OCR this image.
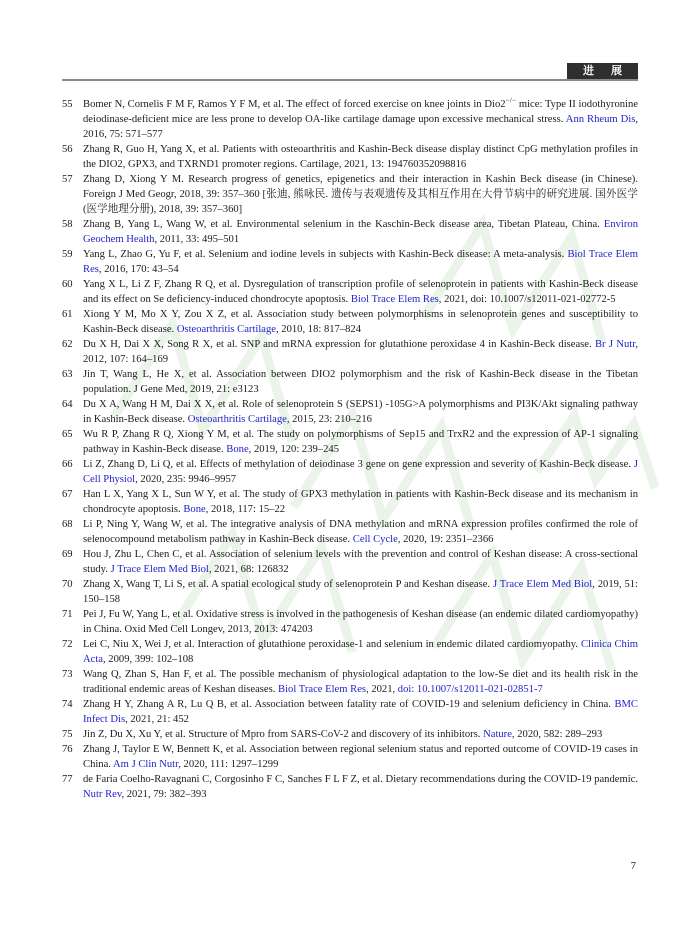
进 展
55 Bomer N, Cornelis F M F, Ramos Y F M, et al. The effect of forced exercise on knee joints in Dio2−/− mice: Type II iodothyronine deiodinase-deficient mice are less prone to develop OA-like cartilage damage upon excessive mechanical stress. Ann Rheum Dis, 2016, 75: 571–577
56 Zhang R, Guo H, Yang X, et al. Patients with osteoarthritis and Kashin-Beck disease display distinct CpG methylation profiles in the DIO2, GPX3, and TXRND1 promoter regions. Cartilage, 2021, 13: 194760352098816
57 Zhang D, Xiong Y M. Research progress of genetics, epigenetics and their interaction in Kashin Beck disease (in Chinese). Foreign J Med Geogr, 2018, 39: 357–360 [张迪, 熊咏民. 遗传与表观遗传及其相互作用在大骨节病中的研究进展. 国外医学(医学地理分册), 2018, 39: 357–360]
58 Zhang B, Yang L, Wang W, et al. Environmental selenium in the Kaschin-Beck disease area, Tibetan Plateau, China. Environ Geochem Health, 2011, 33: 495–501
59 Yang L, Zhao G, Yu F, et al. Selenium and iodine levels in subjects with Kashin-Beck disease: A meta-analysis. Biol Trace Elem Res, 2016, 170: 43–54
60 Yang X L, Li Z F, Zhang R Q, et al. Dysregulation of transcription profile of selenoprotein in patients with Kashin-Beck disease and its effect on Se deficiency-induced chondrocyte apoptosis. Biol Trace Elem Res, 2021, doi: 10.1007/s12011-021-02772-5
61 Xiong Y M, Mo X Y, Zou X Z, et al. Association study between polymorphisms in selenoprotein genes and susceptibility to Kashin-Beck disease. Osteoarthritis Cartilage, 2010, 18: 817–824
62 Du X H, Dai X X, Song R X, et al. SNP and mRNA expression for glutathione peroxidase 4 in Kashin-Beck disease. Br J Nutr, 2012, 107: 164–169
63 Jin T, Wang L, He X, et al. Association between DIO2 polymorphism and the risk of Kashin-Beck disease in the Tibetan population. J Gene Med, 2019, 21: e3123
64 Du X A, Wang H M, Dai X X, et al. Role of selenoprotein S (SEPS1) -105G>A polymorphisms and PI3K/Akt signaling pathway in Kashin-Beck disease. Osteoarthritis Cartilage, 2015, 23: 210–216
65 Wu R P, Zhang R Q, Xiong Y M, et al. The study on polymorphisms of Sep15 and TrxR2 and the expression of AP-1 signaling pathway in Kashin-Beck disease. Bone, 2019, 120: 239–245
66 Li Z, Zhang D, Li Q, et al. Effects of methylation of deiodinase 3 gene on gene expression and severity of Kashin-Beck disease. J Cell Physiol, 2020, 235: 9946–9957
67 Han L X, Yang X L, Sun W Y, et al. The study of GPX3 methylation in patients with Kashin-Beck disease and its mechanism in chondrocyte apoptosis. Bone, 2018, 117: 15–22
68 Li P, Ning Y, Wang W, et al. The integrative analysis of DNA methylation and mRNA expression profiles confirmed the role of selenocompound metabolism pathway in Kashin-Beck disease. Cell Cycle, 2020, 19: 2351–2366
69 Hou J, Zhu L, Chen C, et al. Association of selenium levels with the prevention and control of Keshan disease: A cross-sectional study. J Trace Elem Med Biol, 2021, 68: 126832
70 Zhang X, Wang T, Li S, et al. A spatial ecological study of selenoprotein P and Keshan disease. J Trace Elem Med Biol, 2019, 51: 150–158
71 Pei J, Fu W, Yang L, et al. Oxidative stress is involved in the pathogenesis of Keshan disease (an endemic dilated cardiomyopathy) in China. Oxid Med Cell Longev, 2013, 2013: 474203
72 Lei C, Niu X, Wei J, et al. Interaction of glutathione peroxidase-1 and selenium in endemic dilated cardiomyopathy. Clinica Chim Acta, 2009, 399: 102–108
73 Wang Q, Zhan S, Han F, et al. The possible mechanism of physiological adaptation to the low-Se diet and its health risk in the traditional endemic areas of Keshan diseases. Biol Trace Elem Res, 2021, doi: 10.1007/s12011-021-02851-7
74 Zhang H Y, Zhang A R, Lu Q B, et al. Association between fatality rate of COVID-19 and selenium deficiency in China. BMC Infect Dis, 2021, 21: 452
75 Jin Z, Du X, Xu Y, et al. Structure of Mpro from SARS-CoV-2 and discovery of its inhibitors. Nature, 2020, 582: 289–293
76 Zhang J, Taylor E W, Bennett K, et al. Association between regional selenium status and reported outcome of COVID-19 cases in China. Am J Clin Nutr, 2020, 111: 1297–1299
77 de Faria Coelho-Ravagnani C, Corgosinho F C, Sanches F L F Z, et al. Dietary recommendations during the COVID-19 pandemic. Nutr Rev, 2021, 79: 382–393
7
